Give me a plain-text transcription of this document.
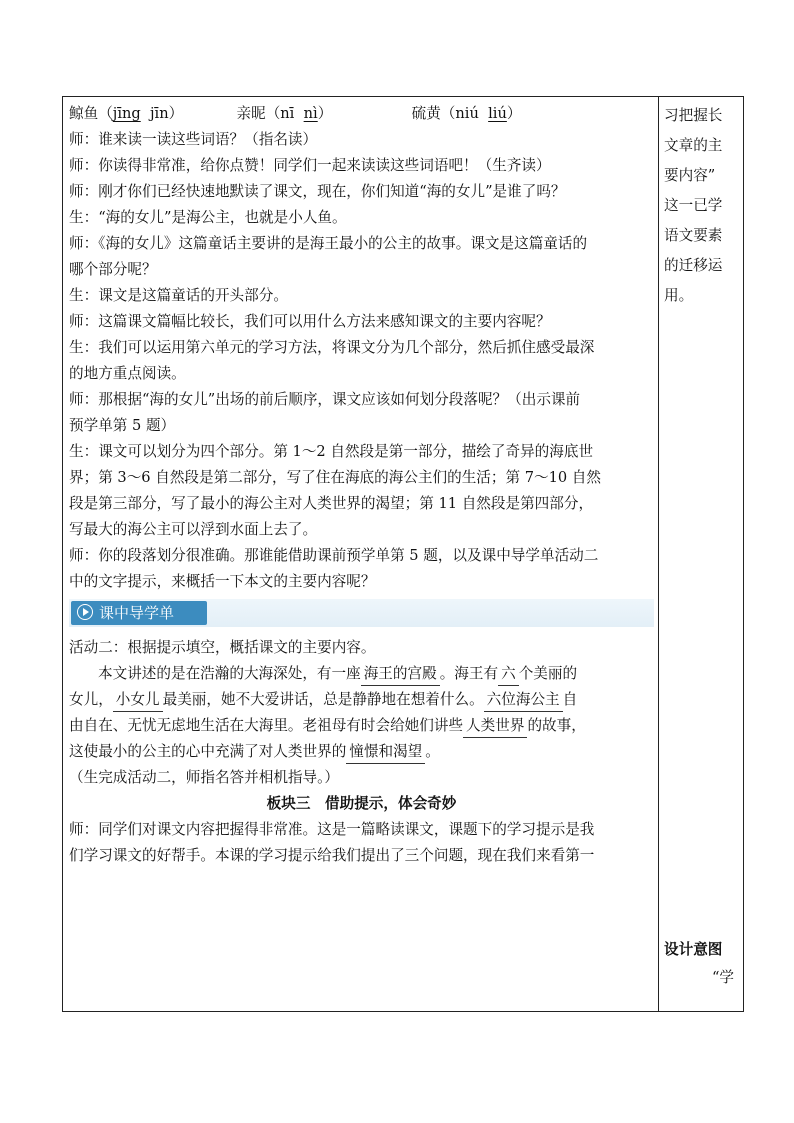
鲸鱼（jīng jīn）	亲昵（nī nì）	硫黄（niú liú）
师：谁来读一读这些词语？（指名读）
师：你读得非常准，给你点赞！同学们一起来读读这些词语吧！（生齐读）
师：刚才你们已经快速地默读了课文，现在，你们知道“海的女儿”是谁了吗？
生：“海的女儿”是海公主，也就是小人鱼。
师：《海的女儿》这篇童话主要讲的是海王最小的公主的故事。课文是这篇童话的
哪个部分呢？
生：课文是这篇童话的开头部分。
师：这篇课文篇幅比较长，我们可以用什么方法来感知课文的主要内容呢？
生：我们可以运用第六单元的学习方法，将课文分为几个部分，然后抓住感受最深
的地方重点阅读。
师：那根据“海的女儿”出场的前后顺序，课文应该如何划分段落呢？（出示课前
预学单第 5 题）
生：课文可以划分为四个部分。第 1～2 自然段是第一部分，描绘了奇异的海底世
界；第 3～6 自然段是第二部分，写了住在海底的海公主们的生活；第 7～10 自然
段是第三部分，写了最小的海公主对人类世界的渴望；第 11 自然段是第四部分，
写最大的海公主可以浮到水面上去了。
师：你的段落划分很准确。那谁能借助课前预学单第 5 题，以及课中导学单活动二
中的文字提示，来概括一下本文的主要内容呢？
课中导学单
活动二：根据提示填空，概括课文的主要内容。
本文讲述的是在浩瀚的大海深处，有一座 海王的宫殿 。海王有 六 个美丽的
女儿， 小女儿 最美丽，她不大爱讲话，总是静静地在想着什么。 六位海公主 自
由自在、无忧无虑地生活在大海里。老祖母有时会给她们讲些 人类世界 的故事，
这使最小的公主的心中充满了对人类世界的 憧憬和渴望 。
（生完成活动二，师指名答并相机指导。）
板块三　借助提示，体会奇妙
师：同学们对课文内容把握得非常准。这是一篇略读课文，课题下的学习提示是我
们学习课文的好帮手。本课的学习提示给我们提出了三个问题，现在我们来看第一
习把握长
文章的主
要内容”
这一已学
语文要素
的迁移运
用。
设计意图
“学
